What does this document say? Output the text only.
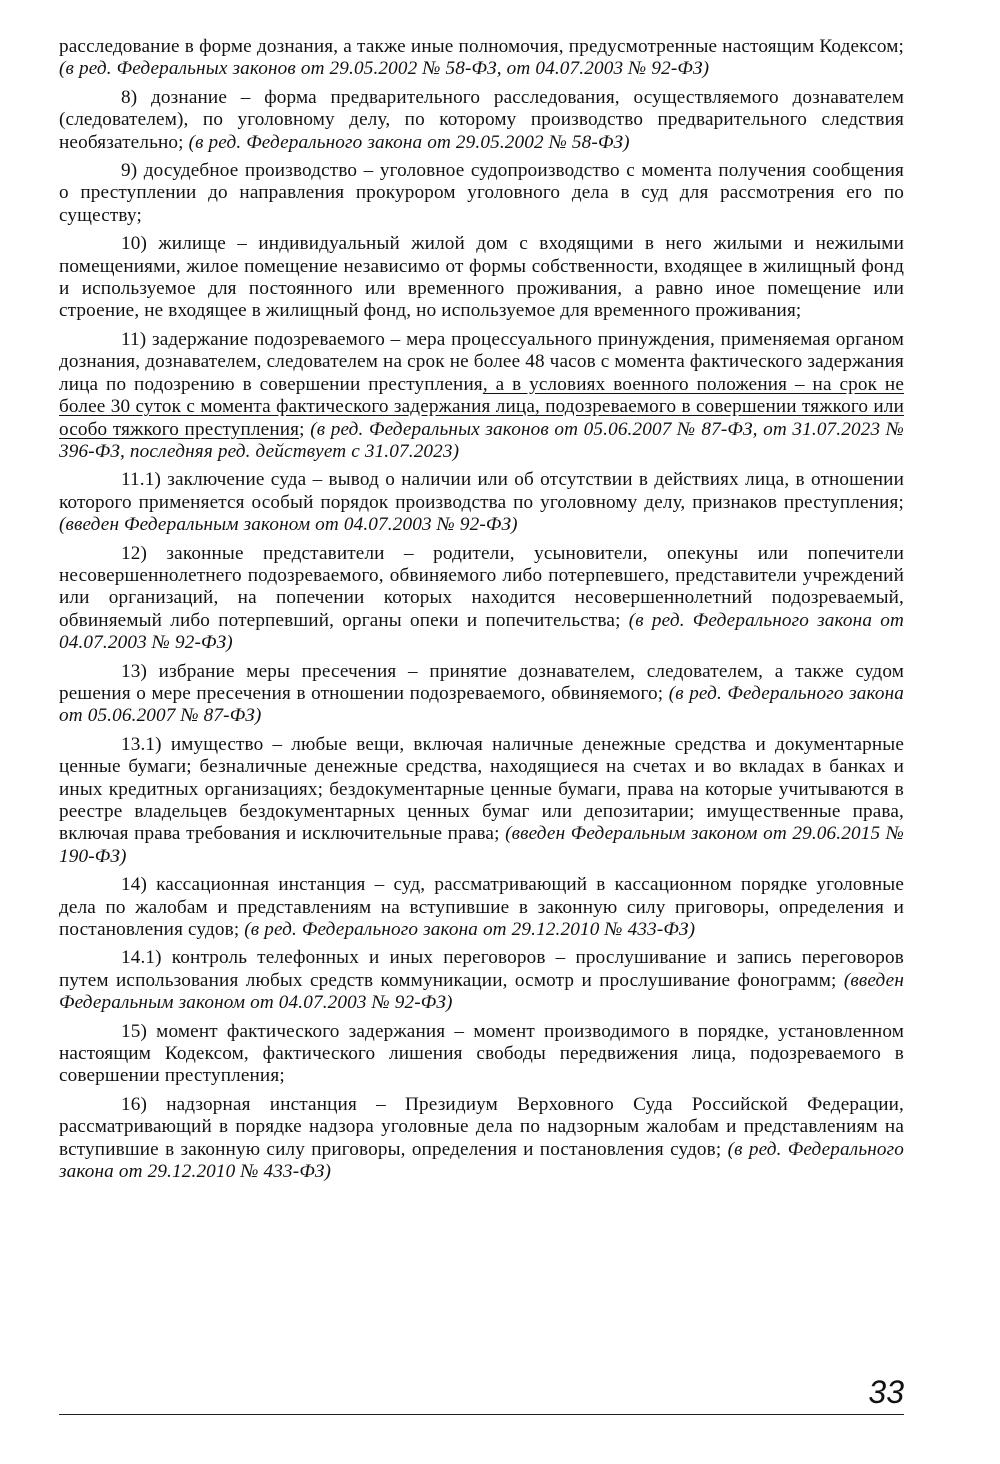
расследование в форме дознания, а также иные полномочия, предусмотренные настоящим Кодексом; (в ред. Федеральных законов от 29.05.2002 № 58-ФЗ, от 04.07.2003 № 92-ФЗ)

8) дознание – форма предварительного расследования, осуществляемого дознавателем (следователем), по уголовному делу, по которому производство предварительного следствия необязательно; (в ред. Федерального закона от 29.05.2002 № 58-ФЗ)

9) досудебное производство – уголовное судопроизводство с момента получения сообщения о преступлении до направления прокурором уголовного дела в суд для рассмотрения его по существу;

10) жилище – индивидуальный жилой дом с входящими в него жилыми и нежилыми помещениями, жилое помещение независимо от формы собственности, входящее в жилищный фонд и используемое для постоянного или временного проживания, а равно иное помещение или строение, не входящее в жилищный фонд, но используемое для временного проживания;

11) задержание подозреваемого – мера процессуального принуждения, применяемая органом дознания, дознавателем, следователем на срок не более 48 часов с момента фактического задержания лица по подозрению в совершении преступления, а в условиях военного положения – на срок не более 30 суток с момента фактического задержания лица, подозреваемого в совершении тяжкого или особо тяжкого преступления; (в ред. Федеральных законов от 05.06.2007 № 87-ФЗ, от 31.07.2023 № 396-ФЗ, последняя ред. действует с 31.07.2023)

11.1) заключение суда – вывод о наличии или об отсутствии в действиях лица, в отношении которого применяется особый порядок производства по уголовному делу, признаков преступления; (введен Федеральным законом от 04.07.2003 № 92-ФЗ)

12) законные представители – родители, усыновители, опекуны или попечители несовершеннолетнего подозреваемого, обвиняемого либо потерпевшего, представители учреждений или организаций, на попечении которых находится несовершеннолетний подозреваемый, обвиняемый либо потерпевший, органы опеки и попечительства; (в ред. Федерального закона от 04.07.2003 № 92-ФЗ)

13) избрание меры пресечения – принятие дознавателем, следователем, а также судом решения о мере пресечения в отношении подозреваемого, обвиняемого; (в ред. Федерального закона от 05.06.2007 № 87-ФЗ)

13.1) имущество – любые вещи, включая наличные денежные средства и документарные ценные бумаги; безналичные денежные средства, находящиеся на счетах и во вкладах в банках и иных кредитных организациях; бездокументарные ценные бумаги, права на которые учитываются в реестре владельцев бездокументарных ценных бумаг или депозитарии; имущественные права, включая права требования и исключительные права; (введен Федеральным законом от 29.06.2015 № 190-ФЗ)

14) кассационная инстанция – суд, рассматривающий в кассационном порядке уголовные дела по жалобам и представлениям на вступившие в законную силу приговоры, определения и постановления судов; (в ред. Федерального закона от 29.12.2010 № 433-ФЗ)

14.1) контроль телефонных и иных переговоров – прослушивание и запись переговоров путем использования любых средств коммуникации, осмотр и прослушивание фонограмм; (введен Федеральным законом от 04.07.2003 № 92-ФЗ)

15) момент фактического задержания – момент производимого в порядке, установленном настоящим Кодексом, фактического лишения свободы передвижения лица, подозреваемого в совершении преступления;

16) надзорная инстанция – Президиум Верховного Суда Российской Федерации, рассматривающий в порядке надзора уголовные дела по надзорным жалобам и представлениям на вступившие в законную силу приговоры, определения и постановления судов; (в ред. Федерального закона от 29.12.2010 № 433-ФЗ)

33
